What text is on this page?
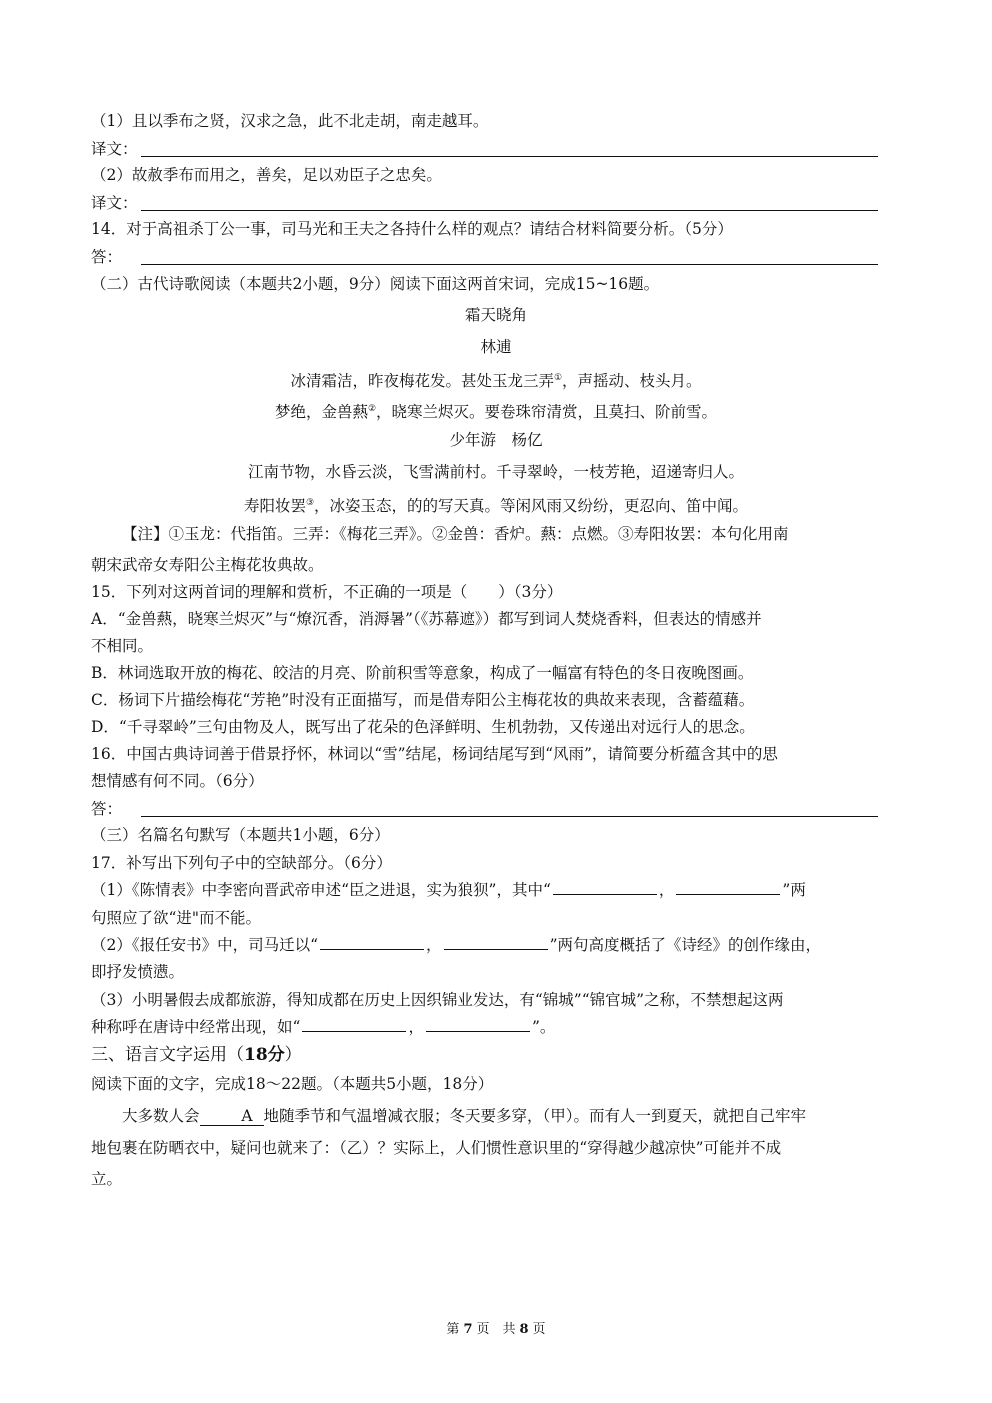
（1）且以季布之贤，汉求之急，此不北走胡，南走越耳。
译文：
（2）故赦季布而用之，善矣，足以劝臣子之忠矣。
译文：
14．对于高祖杀丁公一事，司马光和王夫之各持什么样的观点？请结合材料简要分析。（5分）
答：
（二）古代诗歌阅读（本题共2小题，9分）阅读下面这两首宋词，完成15~16题。
霜天晓角
林逋
冰清霜洁，昨夜梅花发。甚处玉龙三弄①，声摇动、枝头月。
梦绝，金兽爇②，晓寒兰烬灭。要卷珠帘清赏，且莫扫、阶前雪。
少年游　杨亿
江南节物，水昏云淡，飞雪满前村。千寻翠岭，一枝芳艳，迢递寄归人。
寿阳妆罢③，冰姿玉态，的的写天真。等闲风雨又纷纷，更忍向、笛中闻。
【注】①玉龙：代指笛。三弄：《梅花三弄》。②金兽：香炉。爇：点燃。③寿阳妆罢：本句化用南
朝宋武帝女寿阳公主梅花妆典故。
15．下列对这两首词的理解和赏析，不正确的一项是（　　）（3分）
A．“金兽爇，晓寒兰烬灭”与“燎沉香，消溽暑”（《苏幕遮》）都写到词人焚烧香料，但表达的情感并
不相同。
B．林词选取开放的梅花、皎洁的月亮、阶前积雪等意象，构成了一幅富有特色的冬日夜晚图画。
C．杨词下片描绘梅花“芳艳”时没有正面描写，而是借寿阳公主梅花妆的典故来表现，含蓄蕴藉。
D．“千寻翠岭”三句由物及人，既写出了花朵的色泽鲜明、生机勃勃，又传递出对远行人的思念。
16．中国古典诗词善于借景抒怀，林词以“雪”结尾，杨词结尾写到“风雨”，请简要分析蕴含其中的思
想情感有何不同。（6分）
答：
（三）名篇名句默写（本题共1小题，6分）
17．补写出下列句子中的空缺部分。（6分）
（1）《陈情表》中李密向晋武帝申述“臣之进退，实为狼狈”，其中“	，	”两
句照应了欲“进"而不能。
（2）《报任安书》中，司马迁以“	，	”两句高度概括了《诗经》的创作缘由，
即抒发愤懑。
（3）小明暑假去成都旅游，得知成都在历史上因织锦业发达，有“锦城”“锦官城”之称，不禁想起这两
种称呼在唐诗中经常出现，如“	，	”。
三、语言文字运用（18分）
阅读下面的文字，完成18～22题。（本题共5小题，18分）
大多数人会	A 地随季节和气温增减衣服；冬天要多穿，（甲）。而有人一到夏天，就把自己牢牢
地包裹在防晒衣中，疑问也就来了：（乙）？实际上，人们惯性意识里的“穿得越少越凉快”可能并不成
立。
第 7 页　共 8 页
